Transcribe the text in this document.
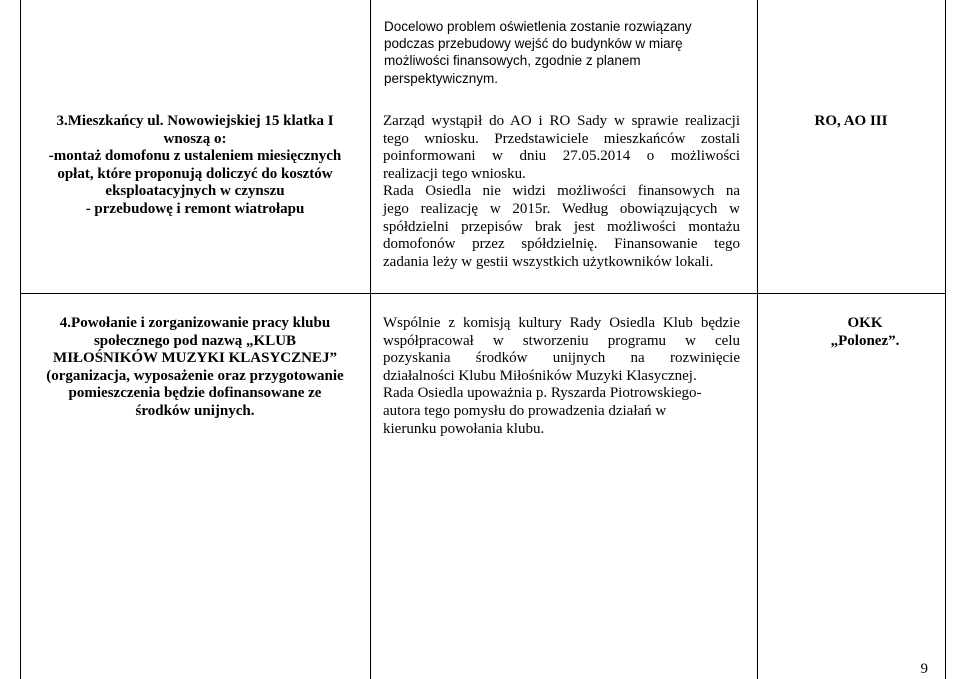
Docelowo problem oświetlenia zostanie rozwiązany
podczas przebudowy wejść do budynków w miarę
możliwości finansowych, zgodnie z planem
perspektywicznym.
3.Mieszkańcy ul. Nowowiejskiej 15 klatka I
wnoszą o:
-montaż domofonu z ustaleniem miesięcznych
opłat, które proponują doliczyć do kosztów
eksploatacyjnych w czynszu
- przebudowę i remont wiatrołapu
Zarząd wystąpił do AO i RO Sady w sprawie realizacji
tego wniosku. Przedstawiciele mieszkańców zostali
poinformowani w dniu 27.05.2014 o możliwości
realizacji tego wniosku.
Rada Osiedla nie widzi możliwości finansowych na
jego realizację w 2015r. Według obowiązujących w
spółdzielni przepisów brak jest możliwości montażu
domofonów przez spółdzielnię. Finansowanie tego
zadania leży w gestii wszystkich użytkowników lokali.
RO, AO III
4.Powołanie i zorganizowanie pracy klubu
społecznego pod nazwą „KLUB
MIŁOŚNIKÓW MUZYKI KLASYCZNEJ”
(organizacja, wyposażenie oraz przygotowanie
pomieszczenia będzie dofinansowane ze
środków unijnych.
Wspólnie z komisją kultury Rady Osiedla Klub będzie
współpracował w stworzeniu programu w celu
pozyskania środków unijnych na rozwinięcie
działalności Klubu Miłośników Muzyki Klasycznej.
Rada Osiedla upoważnia p. Ryszarda Piotrowskiego-
autora tego pomysłu do prowadzenia działań w
kierunku powołania klubu.
OKK
„Polonez”.
9
